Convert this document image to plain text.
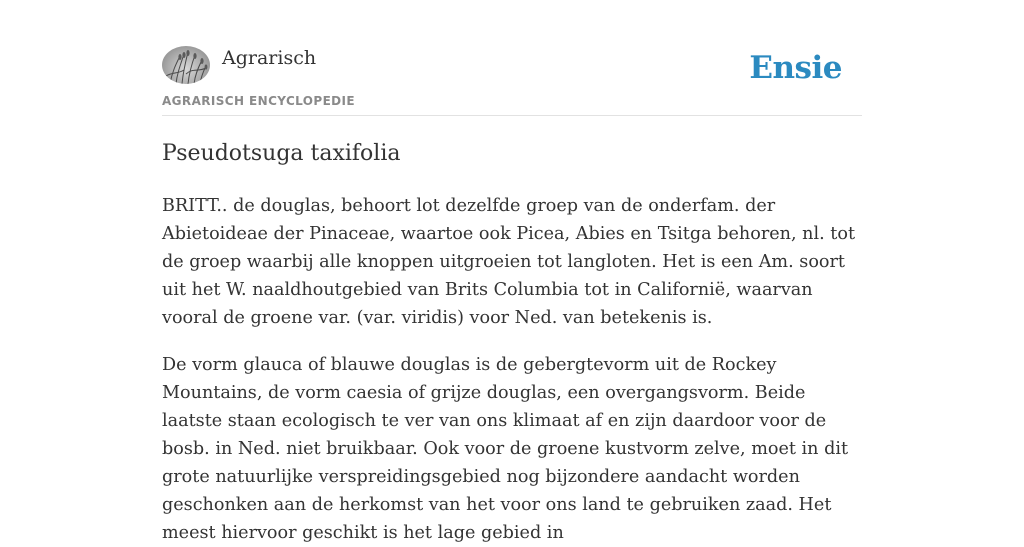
Agrarisch
AGRARISCH ENCYCLOPEDIE
Ensie
Pseudotsuga taxifolia

BRITT.. de douglas, behoort lot dezelfde groep van de onderfam. der Abietoideae der Pinaceae, waartoe ook Picea, Abies en Tsitga behoren, nl. tot de groep waarbij alle knoppen uitgroeien tot langloten. Het is een Am. soort uit het W. naaldhoutgebied van Brits Columbia tot in Californië, waarvan vooral de groene var. (var. viridis) voor Ned. van betekenis is.

De vorm glauca of blauwe douglas is de gebergtevorm uit de Rockey Mountains, de vorm caesia of grijze douglas, een overgangsvorm. Beide laatste staan ecologisch te ver van ons klimaat af en zijn daardoor voor de bosb. in Ned. niet bruikbaar. Ook voor de groene kustvorm zelve, moet in dit grote natuurlijke verspreidingsgebied nog bijzondere aandacht worden geschonken aan de herkomst van het voor ons land te gebruiken zaad. Het meest hiervoor geschikt is het lage gebied in
